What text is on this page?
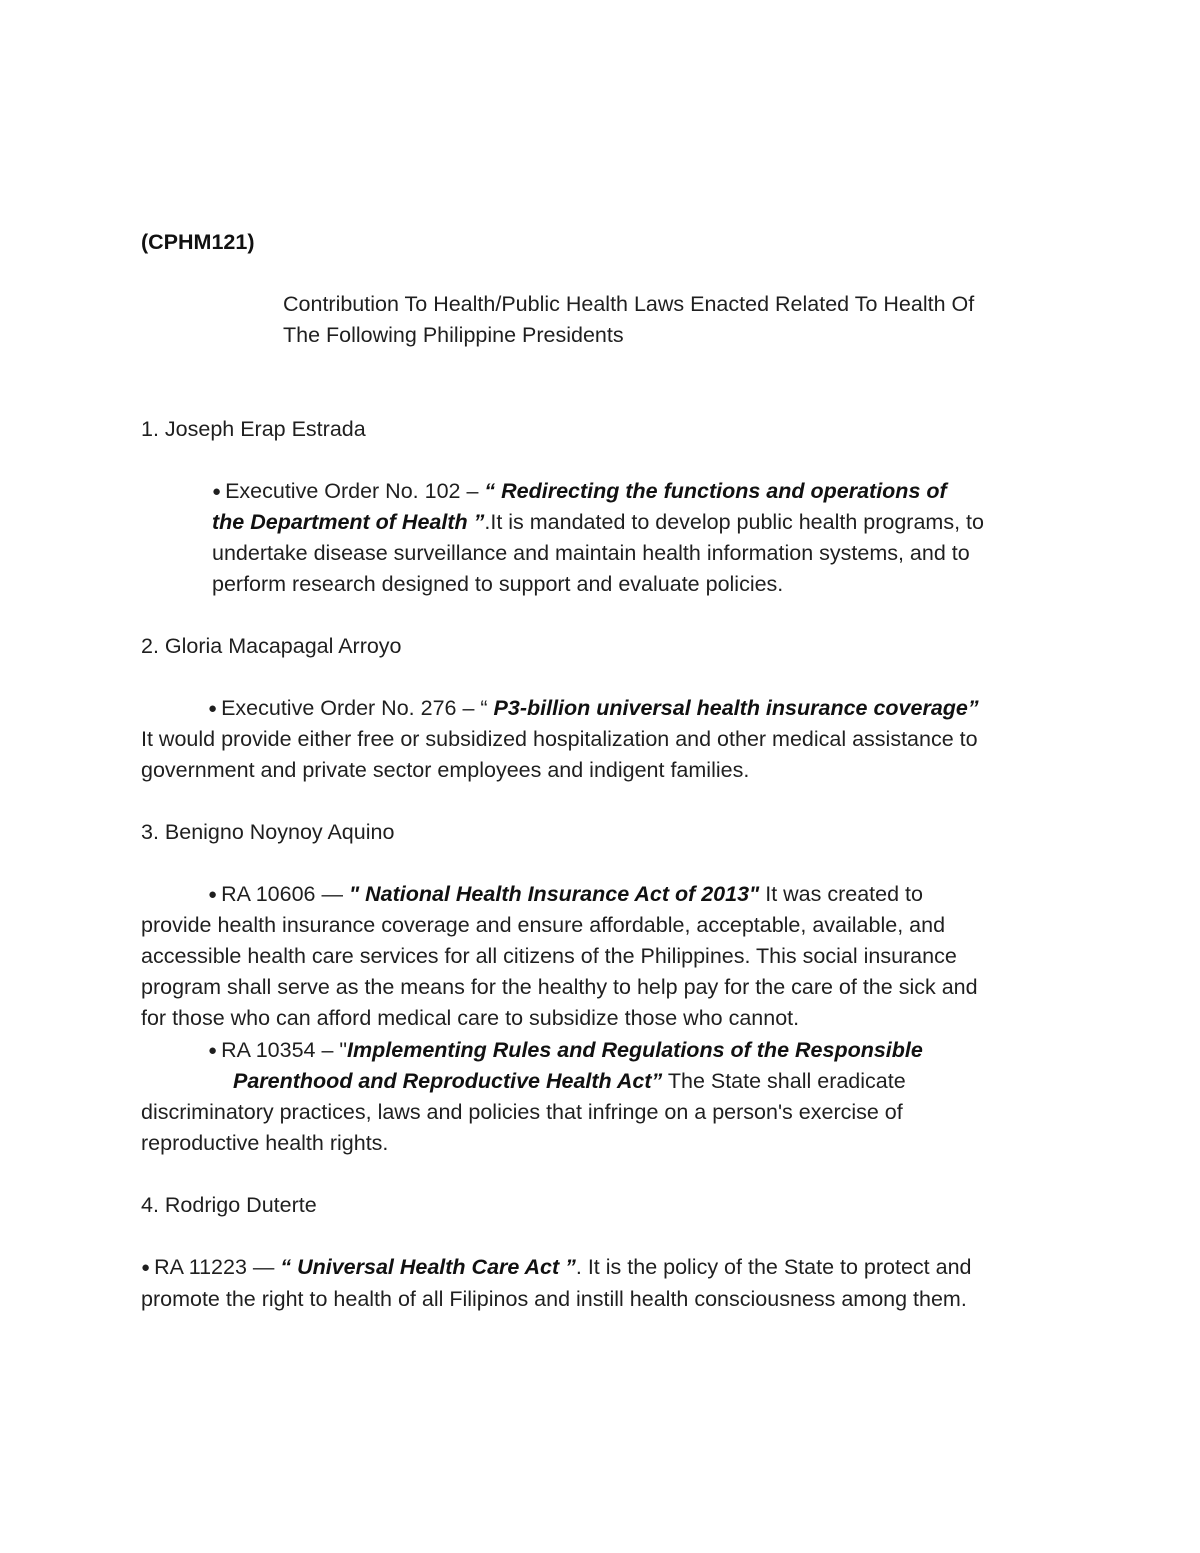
(CPHM121)

Contribution To Health/Public Health Laws Enacted Related To Health Of

The Following Philippine Presidents

1. Joseph Erap Estrada

● Executive Order No. 102 – “ Redirecting the functions and operations of

the Department of Health ”.It is mandated to develop public health programs, to

undertake disease surveillance and maintain health information systems, and to

perform research designed to support and evaluate policies.

2. Gloria Macapagal Arroyo

● Executive Order No. 276 – “ P3-billion universal health insurance coverage”

It would provide either free or subsidized hospitalization and other medical assistance to

government and private sector employees and indigent families.

3. Benigno Noynoy Aquino

● RA 10606 — " National Health Insurance Act of 2013" It was created to

provide health insurance coverage and ensure affordable, acceptable, available, and

accessible health care services for all citizens of the Philippines. This social insurance

program shall serve as the means for the healthy to help pay for the care of the sick and

for those who can afford medical care to subsidize those who cannot.

● RA 10354 – "Implementing Rules and Regulations of the Responsible

Parenthood and Reproductive Health Act” The State shall eradicate

discriminatory practices, laws and policies that infringe on a person's exercise of

reproductive health rights.

4. Rodrigo Duterte

● RA 11223 — “ Universal Health Care Act ”. It is the policy of the State to protect and

promote the right to health of all Filipinos and instill health consciousness among them.
